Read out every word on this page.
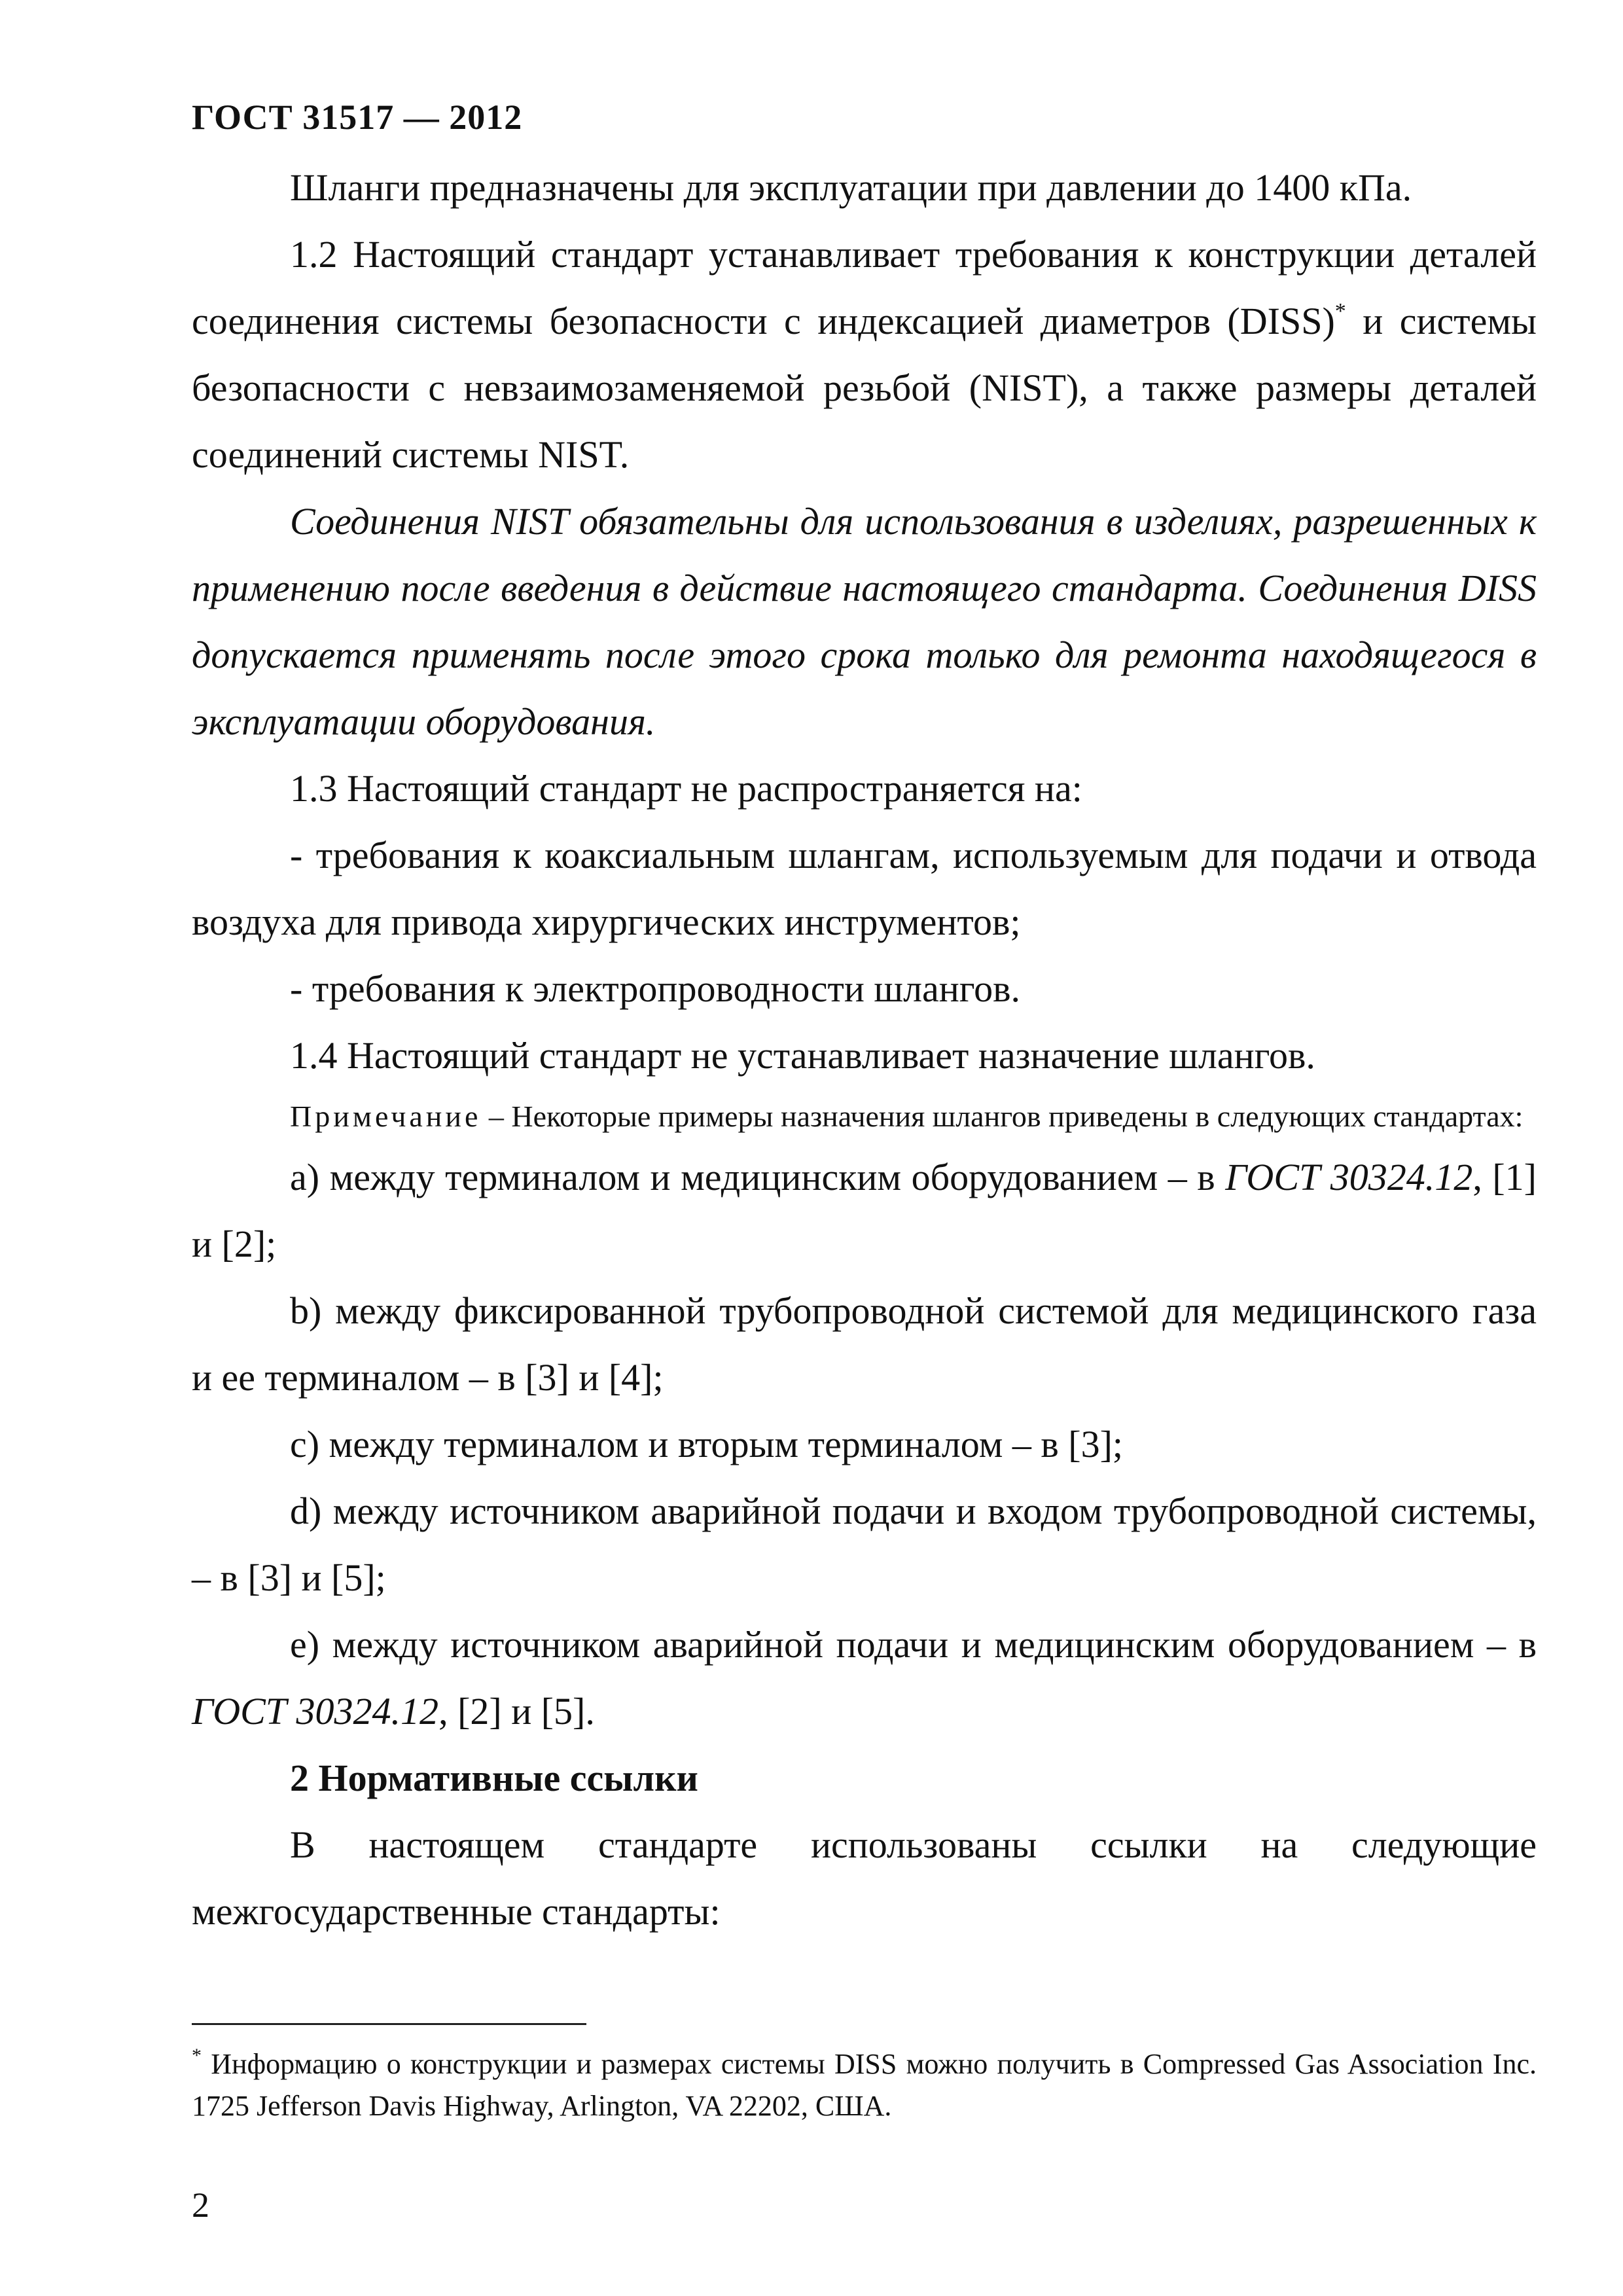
ГОСТ 31517 — 2012

Шланги предназначены для эксплуатации при давлении до 1400 кПа.

1.2 Настоящий стандарт устанавливает требования к конструкции деталей соединения системы безопасности с индексацией диаметров (DISS)* и системы безопасности с невзаимозаменяемой резьбой (NIST), а также размеры деталей соединений системы NIST.

Соединения NIST обязательны для использования в изделиях, разрешенных к применению после введения в действие настоящего стандарта. Соединения DISS допускается применять после этого срока только для ремонта находящегося в эксплуатации оборудования.

1.3 Настоящий стандарт не распространяется на:

- требования к коаксиальным шлангам, используемым для подачи и отвода воздуха для привода хирургических инструментов;

- требования к электропроводности шлангов.

1.4 Настоящий стандарт не устанавливает назначение шлангов.

Примечание – Некоторые примеры назначения шлангов приведены в следующих стандартах:

а) между терминалом и медицинским оборудованием – в ГОСТ 30324.12, [1] и [2];

b) между фиксированной трубопроводной системой для медицинского газа и ее терминалом – в [3] и [4];

с) между терминалом и вторым терминалом – в [3];

d) между источником аварийной подачи и входом трубопроводной системы, – в [3] и [5];

е) между источником аварийной подачи и медицинским оборудованием – в ГОСТ 30324.12, [2] и [5].

2 Нормативные ссылки

В настоящем стандарте использованы ссылки на следующие межгосударственные стандарты:

* Информацию о конструкции и размерах системы DISS можно получить в Compressed Gas Association Inc. 1725 Jefferson Davis Highway, Arlington, VA 22202, США.
2
